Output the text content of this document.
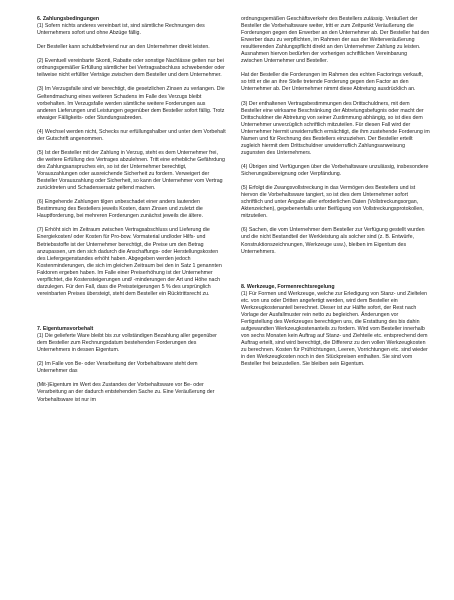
6. Zahlungsbedingungen

(1) Sofern nichts anderes vereinbart ist, sind sämtliche Rechnungen des Unternehmers sofort und ohne Abzüge fällig.

Der Besteller kann schuldbefreiend nur an den Unternehmer direkt leisten.

(2) Eventuell vereinbarte Skonti, Rabatte oder sonstige Nachlässe gelten nur bei ordnungsgemäßer Erfüllung sämtlicher bei Vertragsabschluss schwebender oder teilweise nicht erfüllter Verträge zwischen dem Besteller und dem Unternehmer.

(3) Im Verzugsfalle sind wir berechtigt, die gesetzlichen Zinsen zu verlangen. Die Geltendmachung eines weiteren Schadens im Falle des Verzugs bleibt vorbehalten. Im Verzugsfalle werden sämtliche weitere Forderungen aus anderen Lieferungen und Leistungen gegenüber dem Besteller sofort fällig. Trotz etwaiger Fälligkeits- oder Stundungsabreden.

(4) Wechsel werden nicht, Schecks nur erfüllungshalber und unter dem Vorbehalt der Gutschrift angenommen.

(5) Ist der Besteller mit der Zahlung in Verzug, steht es dem Unternehmer frei, die weitere Erfüllung des Vertrages abzulehnen. Tritt eine erhebliche Gefährdung des Zahlungsanspruches ein, so ist der Unternehmer berechtigt, Vorauszahlungen oder ausreichende Sicherheit zu fordern. Verweigert der Besteller Vorauszahlung oder Sicherheit, so kann der Unternehmer vom Vertrag zurücktreten und Schadensersatz geltend machen.

(6) Eingehende Zahlungen tilgen unbeschadet einer anders lautenden Bestimmung des Bestellers jeweils Kosten, dann Zinsen und zuletzt die Hauptforderung, bei mehreren Forderungen zunächst jeweils die ältere.

(7) Erhöht sich im Zeitraum zwischen Vertragsabschluss und Lieferung die Energiekosten/ oder Kosten für Pro-bow. Vormaterial und/oder Hilfs- und Betriebsstoffe ist der Unternehmer berechtigt, die Preise um den Betrag anzupassen, um den sich dadurch die Anschaffungs- oder Herstellungskosten des Liefergegenstandes erhöht haben. Abgegeben werden jedoch Kostenminderungen, die sich im gleichen Zeitraum bei den in Satz 1 genannten Faktoren ergeben haben. Im Falle einer Preiserhöhung ist der Unternehmer verpflichtet, die Kostensteigerungen und/ -minderungen der Art und Höhe nach darzulegen. Für den Fall, dass die Preissteigerungen 5 % des ursprünglich vereinbarten Preises übersteigt, steht dem Besteller ein Rücktrittsrecht zu.

7. Eigentumsvorbehalt

(1) Die gelieferte Ware bleibt bis zur vollständigen Bezahlung aller gegenüber dem Besteller zum Rechnungsdatum bestehenden Forderungen des Unternehmers in dessen Eigentum.

(2) Im Falle von Be- oder Verarbeitung der Vorbehaltsware steht dem Unternehmer das

(Mit-)Eigentum im Wert des Zustandes der Vorbehaltsware vor Be- oder Verarbeitung an der dadurch entstehenden Sache zu. Eine Veräußerung der Vorbehaltsware ist nur im

ordnungsgemäßen Geschäftsverkehr des Bestellers zulässig. Veräußert der Besteller die Vorbehaltsware weiter, tritt er zum Zeitpunkt Veräußerung die Forderungen gegen den Erwerber an den Unternehmer ab. Der Besteller hat den Erwerber dazu zu verpflichten, im Rahmen der aus der Weiterveräußerung resultierenden Zahlungspflicht direkt an den Unternehmer Zahlung zu leisten. Ausnahmen hiervon bedürfen der vorherigen schriftlichen Vereinbarung zwischen Unternehmer und Besteller.

Hat der Besteller die Forderungen im Rahmen des echten Factorings verkauft, so tritt er die an ihre Stelle tretende Forderung gegen den Factor an den Unternehmer ab. Der Unternehmer nimmt diese Abtretung ausdrücklich an.

(3) Der enthaltenen Vertragsbestimmungen des Drittschuldners, mit dem Besteller eine wirksame Beschränkung der Abtretungsbefugnis oder macht der Drittschuldner die Abtretung von seiner Zustimmung abhängig, so ist dies dem Unternehmer unverzüglich schriftlich mitzuteilen. Für diesen Fall wird der Unternehmer hiermit unwiderruflich ermächtigt, die ihm zustehende Forderung im Namen und für Rechnung des Bestellers einzuziehen. Der Besteller erteilt zugleich hiermit dem Drittschuldner unwiderruflich Zahlungsanweisung zugunsten des Unternehmers.

(4) Übrigen sind Verfügungen über die Vorbehaltsware unzulässig, insbesondere Sicherungsübereignung oder Verpfändung.

(5) Erfolgt die Zwangsvollstreckung in das Vermögen des Bestellers und ist hiervon die Vorbehaltsware tangiert, so ist dies dem Unternehmer sofort schriftlich und unter Angabe aller erforderlichen Daten (Vollstreckungsorgan, Aktenzeichen), gegebenenfalls unter Beifügung von Vollstreckungsprotokollen, mitzuteilen.

(6) Sachen, die vom Unternehmer dem Besteller zur Verfügung gestellt wurden und die nicht Bestandteil der Werkleistung als solcher sind (z. B. Entwürfe, Konstruktionszeichnungen, Werkzeuge usw.), bleiben im Eigentum des Unternehmers.

8. Werkzeuge, Formenrechtsregelung

(1) Für Formen und Werkzeuge, welche zur Erledigung von Stanz- und Zieltelen etc. von uns oder Dritten angefertigt werden, wird dem Besteller ein Werkzeugkostenanteil berechnet. Dieser ist zur Hälfte sofort, der Rest nach Vorlage der Ausfallmuster rein netto zu begleichen. Änderungen vor Fertigstellung des Werkzeuges berechtigen uns, die Erstattung des bis dahin aufgewandten Werkzeugkostenanteils zu fordern. Wird vom Besteller innerhalb von sechs Monaten kein Auftrag auf Stanz- und Ziehteile etc. entsprechend dem Auftrag erteilt, sind wird berechtigt, die Differenz zu den vollen Werkzeugkosten zu berechnen. Kosten für Prüfrichtungen, Leeren, Vorrichtungen etc. sind wieder in den Werkzeugkosten noch in den Stückpreisen enthalten. Sie sind vom Besteller frei beizustellen. Sie bleiben sein Eigentum.
